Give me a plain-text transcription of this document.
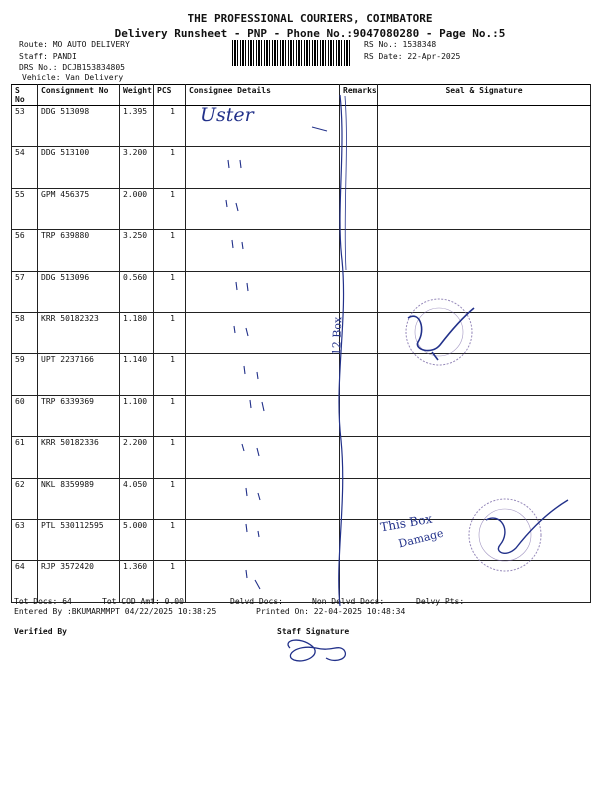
THE PROFESSIONAL COURIERS, COIMBATORE
Delivery Runsheet - PNP - Phone No.:9047080280 - Page No.:5
Route: MO AUTO DELIVERY
Staff: PANDI
DRS No.: DCJB153834805
Vehicle: Van Delivery
RS No.: 1538348
RS Date: 22-Apr-2025
S No	Consignment No	Weight	PCS	Consignee Details	Remarks	Seal & Signature
53	DDG 513098	1.395	1			
54	DDG 513100	3.200	1			
55	GPM 456375	2.000	1			
56	TRP 639880	3.250	1			
57	DDG 513096	0.560	1			
58	KRR 50182323	1.180	1			
59	UPT 2237166	1.140	1			
60	TRP 6339369	1.100	1			
61	KRR 50182336	2.200	1			
62	NKL 8359989	4.050	1			
63	PTL 530112595	5.000	1			
64	RJP 3572420	1.360	1			
Tot Docs: 64	Tot COD Amt: 0.00	Delvd Docs:	Non Delvd Docs:	Delvy Pts:
Entered By :BKUMARMMPT 04/22/2025 10:38:25	Printed On: 22-04-2025 10:48:34
Verified By	Staff Signature
Uster
12 Box
This Box
Damage
